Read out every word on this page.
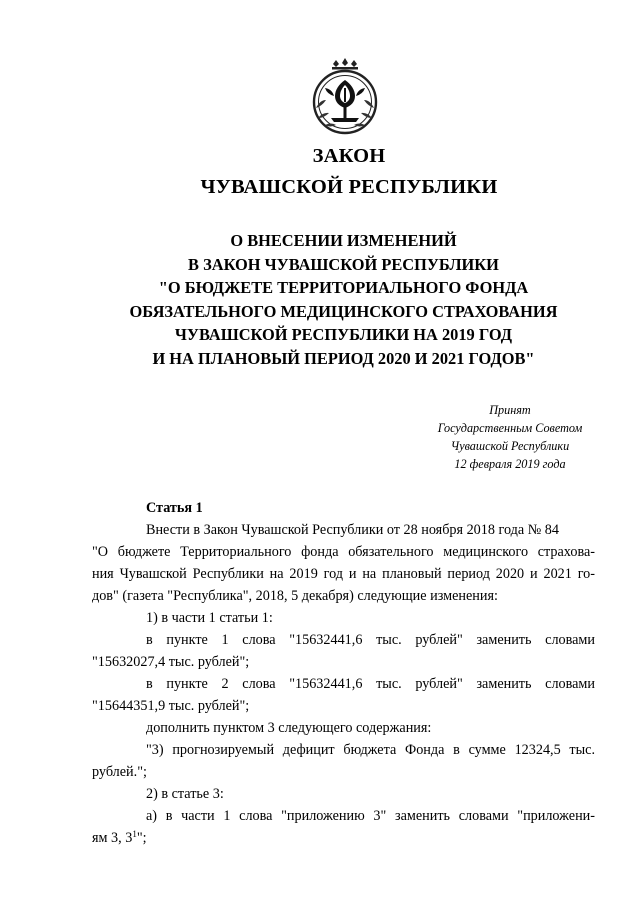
ЗАКОН
ЧУВАШСКОЙ РЕСПУБЛИКИ
О ВНЕСЕНИИ ИЗМЕНЕНИЙ
В ЗАКОН ЧУВАШСКОЙ РЕСПУБЛИКИ
"О БЮДЖЕТЕ ТЕРРИТОРИАЛЬНОГО ФОНДА
ОБЯЗАТЕЛЬНОГО МЕДИЦИНСКОГО СТРАХОВАНИЯ
ЧУВАШСКОЙ РЕСПУБЛИКИ НА 2019 ГОД
И НА ПЛАНОВЫЙ ПЕРИОД 2020 И 2021 ГОДОВ"
Принят
Государственным Советом
Чувашской Республики
12 февраля 2019 года
Статья 1
Внести в Закон Чувашской Республики от 28 ноября 2018 года № 84
"О бюджете Территориального фонда обязательного медицинского страхова-
ния Чувашской Республики на 2019 год и на плановый период 2020 и 2021 го-
дов" (газета "Республика", 2018, 5 декабря) следующие изменения:
1) в части 1 статьи 1:
в пункте 1 слова "15632441,6 тыс. рублей" заменить словами
"15632027,4 тыс. рублей";
в пункте 2 слова "15632441,6 тыс. рублей" заменить словами
"15644351,9 тыс. рублей";
дополнить пунктом 3 следующего содержания:
"3) прогнозируемый дефицит бюджета Фонда в сумме 12324,5 тыс.
рублей.";
2) в статье 3:
а) в части 1 слова "приложению 3" заменить словами "приложени-
ям 3, $3^1$";
